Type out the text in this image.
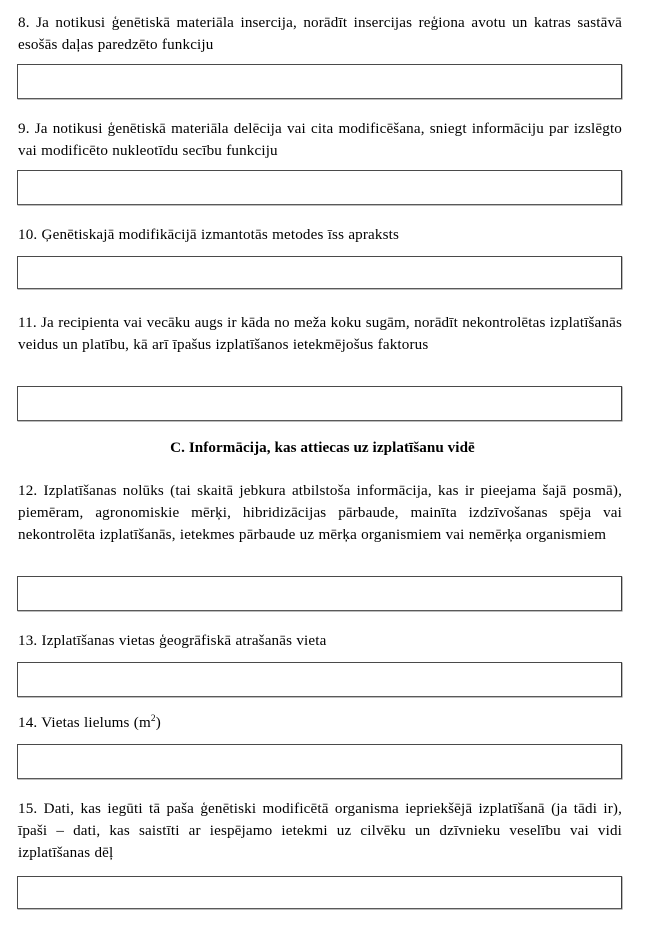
8. Ja notikusi ģenētiskā materiāla insercija, norādīt insercijas reģiona avotu un katras sastāvā esošās daļas paredzēto funkciju

9. Ja notikusi ģenētiskā materiāla delēcija vai cita modificēšana, sniegt informāciju par izslēgto vai modificēto nukleotīdu secību funkciju

10. Ģenētiskajā modifikācijā izmantotās metodes īss apraksts

11. Ja recipienta vai vecāku augs ir kāda no meža koku sugām, norādīt nekontrolētas izplatīšanās veidus un platību, kā arī īpašus izplatīšanos ietekmējošus faktorus

C. Informācija, kas attiecas uz izplatīšanu vidē

12. Izplatīšanas nolūks (tai skaitā jebkura atbilstoša informācija, kas ir pieejama šajā posmā), piemēram, agronomiskie mērķi, hibridizācijas pārbaude, mainīta izdzīvošanas spēja vai nekontrolēta izplatīšanās, ietekmes pārbaude uz mērķa organismiem vai nemērķa organismiem

13. Izplatīšanas vietas ģeogrāfiskā atrašanās vieta

14. Vietas lielums $(m^2)$

15. Dati, kas iegūti tā paša ģenētiski modificētā organisma iepriekšējā izplatīšanā (ja tādi ir), īpaši – dati, kas saistīti ar iespējamo ietekmi uz cilvēku un dzīvnieku veselību vai vidi izplatīšanas dēļ
